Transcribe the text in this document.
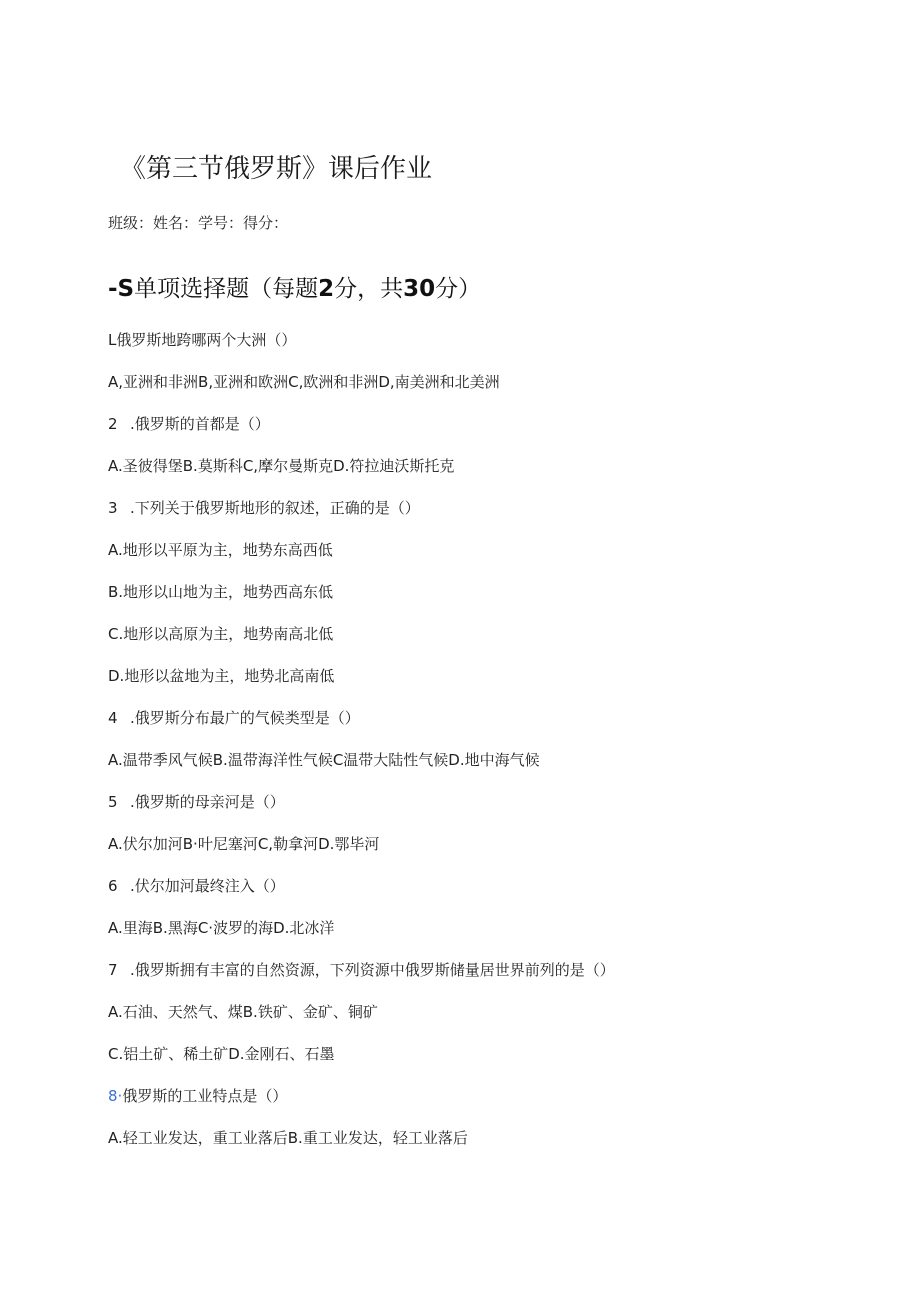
《第三节俄罗斯》课后作业
班级：姓名：学号：得分：
-S单项选择题（每题2分，共30分）
L俄罗斯地跨哪两个大洲（）
A,亚洲和非洲B,亚洲和欧洲C,欧洲和非洲D,南美洲和北美洲
2 .俄罗斯的首都是（）
A.圣彼得堡B.莫斯科C,摩尔曼斯克D.符拉迪沃斯托克
3 .下列关于俄罗斯地形的叙述，正确的是（）
A.地形以平原为主，地势东高西低
B.地形以山地为主，地势西高东低
C.地形以高原为主，地势南高北低
D.地形以盆地为主，地势北高南低
4 .俄罗斯分布最广的气候类型是（）
A.温带季风气候B.温带海洋性气候C温带大陆性气候D.地中海气候
5 .俄罗斯的母亲河是（）
A.伏尔加河B·叶尼塞河C,勒拿河D.鄂毕河
6 .伏尔加河最终注入（）
A.里海B.黑海C·波罗的海D.北冰洋
7 .俄罗斯拥有丰富的自然资源，下列资源中俄罗斯储量居世界前列的是（）
A.石油、天然气、煤B.铁矿、金矿、铜矿
C.铝土矿、稀土矿D.金刚石、石墨
8·俄罗斯的工业特点是（）
A.轻工业发达，重工业落后B.重工业发达，轻工业落后
